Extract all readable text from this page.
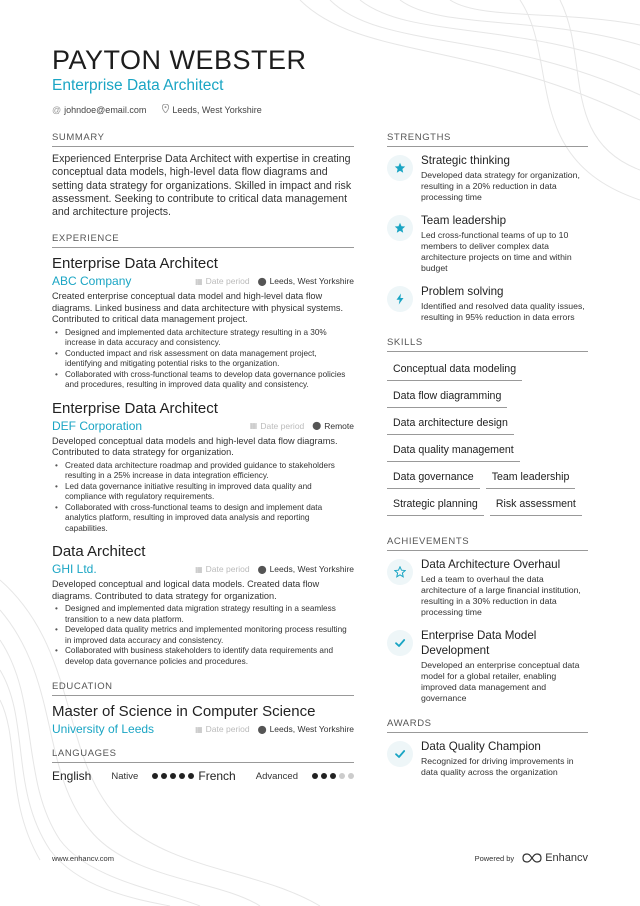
PAYTON WEBSTER
Enterprise Data Architect
@ johndoe@email.com	Leeds, West Yorkshire
SUMMARY
Experienced Enterprise Data Architect with expertise in creating conceptual data models, high-level data flow diagrams and setting data strategy for organizations. Skilled in impact and risk assessment. Seeking to contribute to critical data management and architecture projects.
EXPERIENCE
Enterprise Data Architect
ABC Company	▦ Date period ⬤ Leeds, West Yorkshire
Created enterprise conceptual data model and high-level data flow diagrams. Linked business and data architecture with physical systems. Contributed to critical data management project.
• Designed and implemented data architecture strategy resulting in a 30% increase in data accuracy and consistency.
• Conducted impact and risk assessment on data management project, identifying and mitigating potential risks to the organization.
• Collaborated with cross-functional teams to develop data governance policies and procedures, resulting in improved data quality and consistency.
Enterprise Data Architect
DEF Corporation	▦ Date period ⬤ Remote
Developed conceptual data models and high-level data flow diagrams. Contributed to data strategy for organization.
• Created data architecture roadmap and provided guidance to stakeholders resulting in a 25% increase in data integration efficiency.
• Led data governance initiative resulting in improved data quality and compliance with regulatory requirements.
• Collaborated with cross-functional teams to design and implement data analytics platform, resulting in improved data analysis and reporting capabilities.
Data Architect
GHI Ltd.	▦ Date period ⬤ Leeds, West Yorkshire
Developed conceptual and logical data models. Created data flow diagrams. Contributed to data strategy for organization.
• Designed and implemented data migration strategy resulting in a seamless transition to a new data platform.
• Developed data quality metrics and implemented monitoring process resulting in improved data accuracy and consistency.
• Collaborated with business stakeholders to identify data requirements and develop data governance policies and procedures.
EDUCATION
Master of Science in Computer Science
University of Leeds	▦ Date period ⬤ Leeds, West Yorkshire
LANGUAGES
English Native	French Advanced
STRENGTHS
Strategic thinking
Developed data strategy for organization, resulting in a 20% reduction in data processing time
Team leadership
Led cross-functional teams of up to 10 members to deliver complex data architecture projects on time and within budget
Problem solving
Identified and resolved data quality issues, resulting in 95% reduction in data errors
SKILLS
Conceptual data modeling
Data flow diagramming
Data architecture design
Data quality management
Data governance	Team leadership
Strategic planning	Risk assessment
ACHIEVEMENTS
Data Architecture Overhaul
Led a team to overhaul the data architecture of a large financial institution, resulting in a 30% reduction in data processing time
Enterprise Data Model Development
Developed an enterprise conceptual data model for a global retailer, enabling improved data management and governance
AWARDS
Data Quality Champion
Recognized for driving improvements in data quality across the organization
www.enhancv.com	Powered by	Enhancv
